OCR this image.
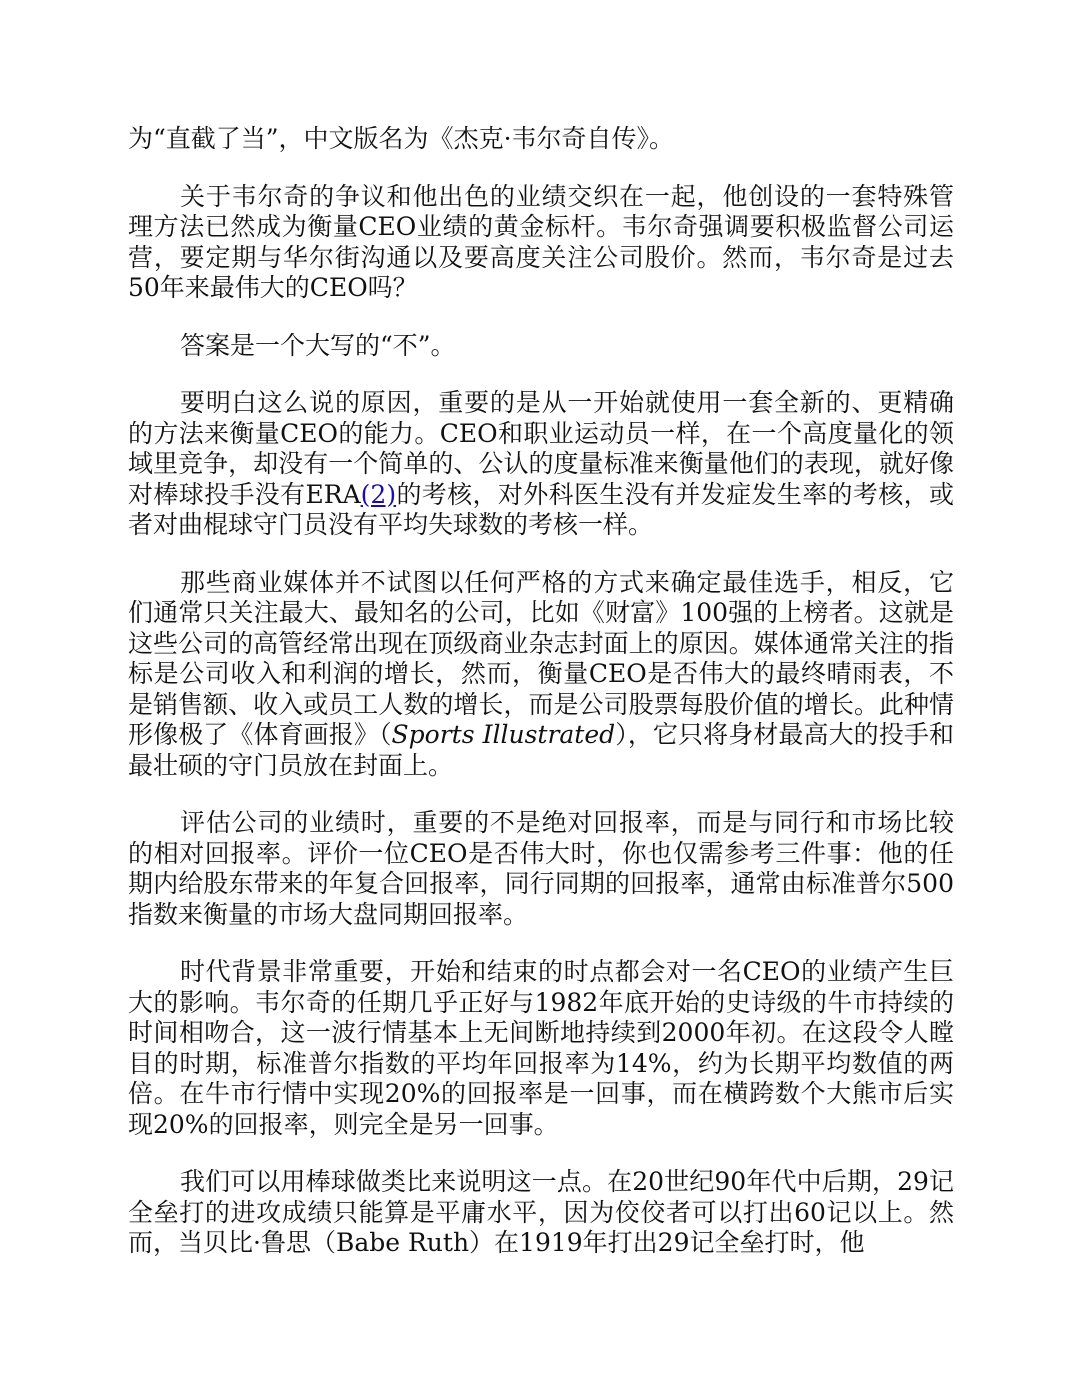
为“直截了当”，中文版名为《杰克·韦尔奇自传》。

关于韦尔奇的争议和他出色的业绩交织在一起，他创设的一套特殊管理方法已然成为衡量CEO业绩的黄金标杆。韦尔奇强调要积极监督公司运营，要定期与华尔街沟通以及要高度关注公司股价。然而，韦尔奇是过去50年来最伟大的CEO吗？

答案是一个大写的“不”。

要明白这么说的原因，重要的是从一开始就使用一套全新的、更精确的方法来衡量CEO的能力。CEO和职业运动员一样，在一个高度量化的领域里竞争，却没有一个简单的、公认的度量标准来衡量他们的表现，就好像对棒球投手没有ERA(2)的考核，对外科医生没有并发症发生率的考核，或者对曲棍球守门员没有平均失球数的考核一样。

那些商业媒体并不试图以任何严格的方式来确定最佳选手，相反，它们通常只关注最大、最知名的公司，比如《财富》100强的上榜者。这就是这些公司的高管经常出现在顶级商业杂志封面上的原因。媒体通常关注的指标是公司收入和利润的增长，然而，衡量CEO是否伟大的最终晴雨表，不是销售额、收入或员工人数的增长，而是公司股票每股价值的增长。此种情形像极了《体育画报》（Sports Illustrated），它只将身材最高大的投手和最壮硕的守门员放在封面上。

评估公司的业绩时，重要的不是绝对回报率，而是与同行和市场比较的相对回报率。评价一位CEO是否伟大时，你也仅需参考三件事：他的任期内给股东带来的年复合回报率，同行同期的回报率，通常由标准普尔500指数来衡量的市场大盘同期回报率。

时代背景非常重要，开始和结束的时点都会对一名CEO的业绩产生巨大的影响。韦尔奇的任期几乎正好与1982年底开始的史诗级的牛市持续的时间相吻合，这一波行情基本上无间断地持续到2000年初。在这段令人瞠目的时期，标准普尔指数的平均年回报率为14%，约为长期平均数值的两倍。在牛市行情中实现20%的回报率是一回事，而在横跨数个大熊市后实现20%的回报率，则完全是另一回事。

我们可以用棒球做类比来说明这一点。在20世纪90年代中后期，29记全垒打的进攻成绩只能算是平庸水平，因为佼佼者可以打出60记以上。然而，当贝比·鲁思（Babe Ruth）在1919年打出29记全垒打时，他
